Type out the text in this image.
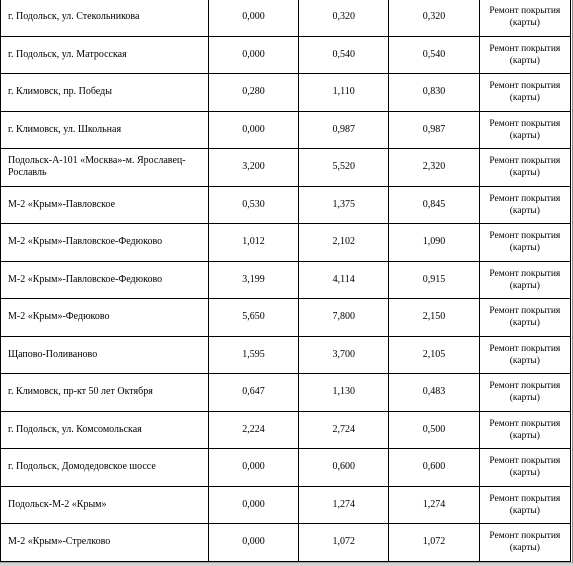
г. Подольск, ул. Стекольникова	0,000	0,320	0,320	Ремонт покрытия (карты)
г. Подольск, ул. Матросская	0,000	0,540	0,540	Ремонт покрытия (карты)
г. Климовск, пр. Победы	0,280	1,110	0,830	Ремонт покрытия (карты)
г. Климовск, ул. Школьная	0,000	0,987	0,987	Ремонт покрытия (карты)
Подольск-А-101 «Москва»-м. Ярославец-Рославль	3,200	5,520	2,320	Ремонт покрытия (карты)
М-2 «Крым»-Павловское	0,530	1,375	0,845	Ремонт покрытия (карты)
М-2 «Крым»-Павловское-Федюково	1,012	2,102	1,090	Ремонт покрытия (карты)
М-2 «Крым»-Павловское-Федюково	3,199	4,114	0,915	Ремонт покрытия (карты)
М-2 «Крым»-Федюково	5,650	7,800	2,150	Ремонт покрытия (карты)
Щапово-Поливаново	1,595	3,700	2,105	Ремонт покрытия (карты)
г. Климовск, пр-кт 50 лет Октября	0,647	1,130	0,483	Ремонт покрытия (карты)
г. Подольск, ул. Комсомольская	2,224	2,724	0,500	Ремонт покрытия (карты)
г. Подольск, Домодедовское шоссе	0,000	0,600	0,600	Ремонт покрытия (карты)
Подольск-М-2 «Крым»	0,000	1,274	1,274	Ремонт покрытия (карты)
М-2 «Крым»-Стрелково	0,000	1,072	1,072	Ремонт покрытия (карты)
